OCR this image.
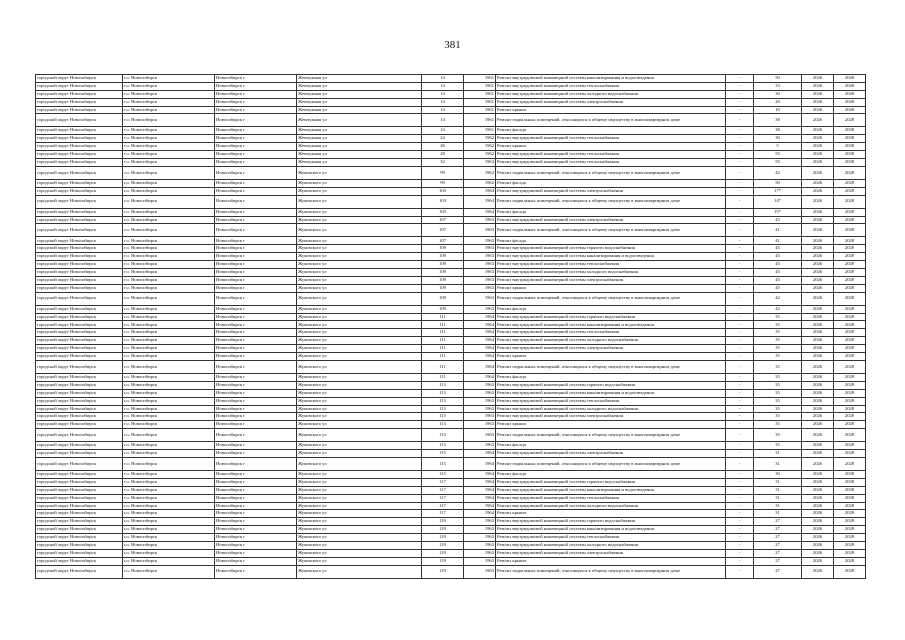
381
городской округ Новосибирск	г.о. Новосибирск	Новосибирск г	Жемчужная ул	14	1961	Ремонт внутридомовой инженерной системы канализирования и водоотведения	-	50	2026	2028
городской округ Новосибирск	г.о. Новосибирск	Новосибирск г	Жемчужная ул	14	1961	Ремонт внутридомовой инженерной системы теплоснабжения	-	33	2026	2028
городской округ Новосибирск	г.о. Новосибирск	Новосибирск г	Жемчужная ул	14	1961	Ремонт внутридомовой инженерной системы холодного водоснабжения	-	30	2026	2028
городской округ Новосибирск	г.о. Новосибирск	Новосибирск г	Жемчужная ул	14	1961	Ремонт внутридомовой инженерной системы электроснабжения	-	20	2026	2028
городской округ Новосибирск	г.о. Новосибирск	Новосибирск г	Жемчужная ул	14	1961	Ремонт крыши	-	10	2026	2028
городской округ Новосибирск	г.о. Новосибирск	Новосибирск г	Жемчужная ул	14	1961	Ремонт подвальных помещений, относящихся к общему имуществу в многоквартирном доме	-	38	2026	2028
городской округ Новосибирск	г.о. Новосибирск	Новосибирск г	Жемчужная ул	14	1961	Ремонт фасада	-	38	2026	2028
городской округ Новосибирск	г.о. Новосибирск	Новосибирск г	Жемчужная ул	24	1962	Ремонт внутридомовой инженерной системы теплоснабжения	-	30	2026	2028
городской округ Новосибирск	г.о. Новосибирск	Новосибирск г	Жемчужная ул	26	1962	Ремонт крыши	-	5	2026	2028
городской округ Новосибирск	г.о. Новосибирск	Новосибирск г	Жемчужная ул	28	1962	Ремонт внутридомовой инженерной системы теплоснабжения	-	55	2026	2028
городской округ Новосибирск	г.о. Новосибирск	Новосибирск г	Жемчужная ул	32	1963	Ремонт внутридомовой инженерной системы теплоснабжения	-	55	2026	2028
городской округ Новосибирск	г.о. Новосибирск	Новосибирск г	Жуковского ул	99	1962	Ремонт подвальных помещений, относящихся к общему имуществу в многоквартирном доме	-	42	2026	2028
городской округ Новосибирск	г.о. Новосибирск	Новосибирск г	Жуковского ул	99	1962	Ремонт фасада	-	50	2026	2028
городской округ Новосибирск	г.о. Новосибирск	Новосибирск г	Жуковского ул	103	1964	Ремонт внутридомовой инженерной системы электроснабжения	-	17*	2026	2028
городской округ Новосибирск	г.о. Новосибирск	Новосибирск г	Жуковского ул	103	1964	Ремонт подвальных помещений, относящихся к общему имуществу в многоквартирном доме	-	14*	2026	2028
городской округ Новосибирск	г.о. Новосибирск	Новосибирск г	Жуковского ул	103	1964	Ремонт фасада	-	15*	2026	2028
городской округ Новосибирск	г.о. Новосибирск	Новосибирск г	Жуковского ул	107	1963	Ремонт внутридомовой инженерной системы электроснабжения	-	45	2026	2028
городской округ Новосибирск	г.о. Новосибирск	Новосибирск г	Жуковского ул	107	1963	Ремонт подвальных помещений, относящихся к общему имуществу в многоквартирном доме	-	41	2026	2028
городской округ Новосибирск	г.о. Новосибирск	Новосибирск г	Жуковского ул	107	1963	Ремонт фасада	-	41	2026	2028
городской округ Новосибирск	г.о. Новосибирск	Новосибирск г	Жуковского ул	109	1963	Ремонт внутридомовой инженерной системы горячего водоснабжения	-	45	2026	2028
городской округ Новосибирск	г.о. Новосибирск	Новосибирск г	Жуковского ул	109	1963	Ремонт внутридомовой инженерной системы канализирования и водоотведения	-	45	2026	2028
городской округ Новосибирск	г.о. Новосибирск	Новосибирск г	Жуковского ул	109	1963	Ремонт внутридомовой инженерной системы теплоснабжения	-	45	2026	2028
городской округ Новосибирск	г.о. Новосибирск	Новосибирск г	Жуковского ул	109	1963	Ремонт внутридомовой инженерной системы холодного водоснабжения	-	45	2026	2028
городской округ Новосибирск	г.о. Новосибирск	Новосибирск г	Жуковского ул	109	1963	Ремонт внутридомовой инженерной системы электроснабжения	-	45	2026	2028
городской округ Новосибирск	г.о. Новосибирск	Новосибирск г	Жуковского ул	109	1963	Ремонт крыши	-	45	2026	2028
городской округ Новосибирск	г.о. Новосибирск	Новосибирск г	Жуковского ул	109	1963	Ремонт подвальных помещений, относящихся к общему имуществу в многоквартирном доме	-	42	2026	2028
городской округ Новосибирск	г.о. Новосибирск	Новосибирск г	Жуковского ул	109	1963	Ремонт фасада	-	42	2026	2028
городской округ Новосибирск	г.о. Новосибирск	Новосибирск г	Жуковского ул	111	1964	Ремонт внутридомовой инженерной системы горячего водоснабжения	-	35	2026	2028
городской округ Новосибирск	г.о. Новосибирск	Новосибирск г	Жуковского ул	111	1964	Ремонт внутридомовой инженерной системы канализирования и водоотведения	-	35	2026	2028
городской округ Новосибирск	г.о. Новосибирск	Новосибирск г	Жуковского ул	111	1964	Ремонт внутридомовой инженерной системы теплоснабжения	-	35	2026	2028
городской округ Новосибирск	г.о. Новосибирск	Новосибирск г	Жуковского ул	111	1964	Ремонт внутридомовой инженерной системы холодного водоснабжения	-	35	2026	2028
городской округ Новосибирск	г.о. Новосибирск	Новосибирск г	Жуковского ул	111	1964	Ремонт внутридомовой инженерной системы электроснабжения	-	35	2026	2028
городской округ Новосибирск	г.о. Новосибирск	Новосибирск г	Жуковского ул	111	1964	Ремонт крыши	-	35	2026	2028
городской округ Новосибирск	г.о. Новосибирск	Новосибирск г	Жуковского ул	111	1964	Ремонт подвальных помещений, относящихся к общему имуществу в многоквартирном доме	-	35	2026	2028
городской округ Новосибирск	г.о. Новосибирск	Новосибирск г	Жуковского ул	111	1964	Ремонт фасада	-	35	2026	2028
городской округ Новосибирск	г.о. Новосибирск	Новосибирск г	Жуковского ул	113	1963	Ремонт внутридомовой инженерной системы горячего водоснабжения	-	35	2026	2028
городской округ Новосибирск	г.о. Новосибирск	Новосибирск г	Жуковского ул	113	1963	Ремонт внутридомовой инженерной системы канализирования и водоотведения	-	35	2026	2028
городской округ Новосибирск	г.о. Новосибирск	Новосибирск г	Жуковского ул	113	1963	Ремонт внутридомовой инженерной системы теплоснабжения	-	35	2026	2028
городской округ Новосибирск	г.о. Новосибирск	Новосибирск г	Жуковского ул	113	1963	Ремонт внутридомовой инженерной системы холодного водоснабжения	-	35	2026	2028
городской округ Новосибирск	г.о. Новосибирск	Новосибирск г	Жуковского ул	113	1963	Ремонт внутридомовой инженерной системы электроснабжения	-	35	2026	2028
городской округ Новосибирск	г.о. Новосибирск	Новосибирск г	Жуковского ул	113	1963	Ремонт крыши	-	35	2026	2028
городской округ Новосибирск	г.о. Новосибирск	Новосибирск г	Жуковского ул	113	1963	Ремонт подвальных помещений, относящихся к общему имуществу в многоквартирном доме	-	35	2026	2028
городской округ Новосибирск	г.о. Новосибирск	Новосибирск г	Жуковского ул	113	1963	Ремонт фасада	-	35	2026	2028
городской округ Новосибирск	г.о. Новосибирск	Новосибирск г	Жуковского ул	115	1964	Ремонт внутридомовой инженерной системы электроснабжения	-	31	2026	2028
городской округ Новосибирск	г.о. Новосибирск	Новосибирск г	Жуковского ул	115	1964	Ремонт подвальных помещений, относящихся к общему имуществу в многоквартирном доме	-	31	2026	2028
городской округ Новосибирск	г.о. Новосибирск	Новосибирск г	Жуковского ул	115	1964	Ремонт фасада	-	30	2026	2028
городской округ Новосибирск	г.о. Новосибирск	Новосибирск г	Жуковского ул	117	1964	Ремонт внутридомовой инженерной системы горячего водоснабжения	-	31	2026	2028
городской округ Новосибирск	г.о. Новосибирск	Новосибирск г	Жуковского ул	117	1964	Ремонт внутридомовой инженерной системы канализирования и водоотведения	-	31	2026	2028
городской округ Новосибирск	г.о. Новосибирск	Новосибирск г	Жуковского ул	117	1964	Ремонт внутридомовой инженерной системы теплоснабжения	-	31	2026	2028
городской округ Новосибирск	г.о. Новосибирск	Новосибирск г	Жуковского ул	117	1964	Ремонт внутридомовой инженерной системы холодного водоснабжения	-	31	2026	2028
городской округ Новосибирск	г.о. Новосибирск	Новосибирск г	Жуковского ул	117	1964	Ремонт крыши	-	31	2026	2028
городской округ Новосибирск	г.о. Новосибирск	Новосибирск г	Жуковского ул	119	1963	Ремонт внутридомовой инженерной системы горячего водоснабжения	-	27	2026	2028
городской округ Новосибирск	г.о. Новосибирск	Новосибирск г	Жуковского ул	119	1963	Ремонт внутридомовой инженерной системы канализирования и водоотведения	-	27	2026	2028
городской округ Новосибирск	г.о. Новосибирск	Новосибирск г	Жуковского ул	119	1963	Ремонт внутридомовой инженерной системы теплоснабжения	-	27	2026	2028
городской округ Новосибирск	г.о. Новосибирск	Новосибирск г	Жуковского ул	119	1963	Ремонт внутридомовой инженерной системы холодного водоснабжения	-	27	2026	2028
городской округ Новосибирск	г.о. Новосибирск	Новосибирск г	Жуковского ул	119	1963	Ремонт внутридомовой инженерной системы электроснабжения	-	27	2026	2028
городской округ Новосибирск	г.о. Новосибирск	Новосибирск г	Жуковского ул	119	1963	Ремонт крыши	-	27	2026	2028
городской округ Новосибирск	г.о. Новосибирск	Новосибирск г	Жуковского ул	119	1963	Ремонт подвальных помещений, относящихся к общему имуществу в многоквартирном доме	-	27	2026	2028
